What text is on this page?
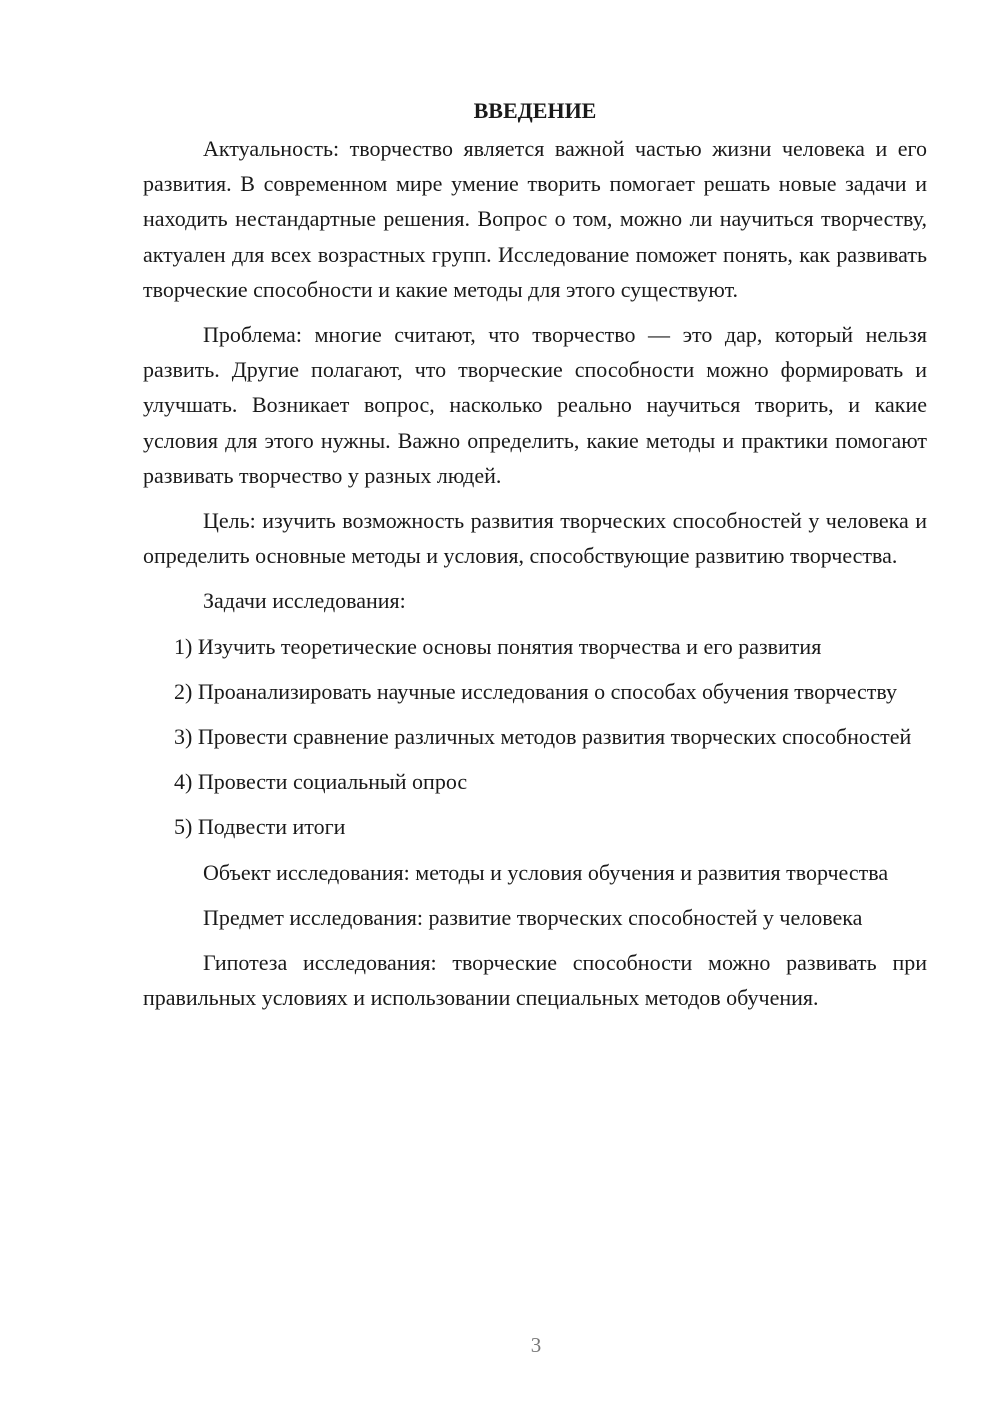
ВВЕДЕНИЕ

Актуальность: творчество является важной частью жизни человека и его развития. В современном мире умение творить помогает решать новые задачи и находить нестандартные решения. Вопрос о том, можно ли научиться творчеству, актуален для всех возрастных групп. Исследование поможет понять, как развивать творческие способности и какие методы для этого существуют.

Проблема: многие считают, что творчество — это дар, который нельзя развить. Другие полагают, что творческие способности можно формировать и улучшать. Возникает вопрос, насколько реально научиться творить, и какие условия для этого нужны. Важно определить, какие методы и практики помогают развивать творчество у разных людей.

Цель: изучить возможность развития творческих способностей у человека и определить основные методы и условия, способствующие развитию творчества.

Задачи исследования:

1) Изучить теоретические основы понятия творчества и его развития

2) Проанализировать научные исследования о способах обучения творчеству

3) Провести сравнение различных методов развития творческих способностей

4) Провести социальный опрос

5) Подвести итоги

Объект исследования: методы и условия обучения и развития творчества

Предмет исследования: развитие творческих способностей у человека

Гипотеза исследования: творческие способности можно развивать при правильных условиях и использовании специальных методов обучения.

3
